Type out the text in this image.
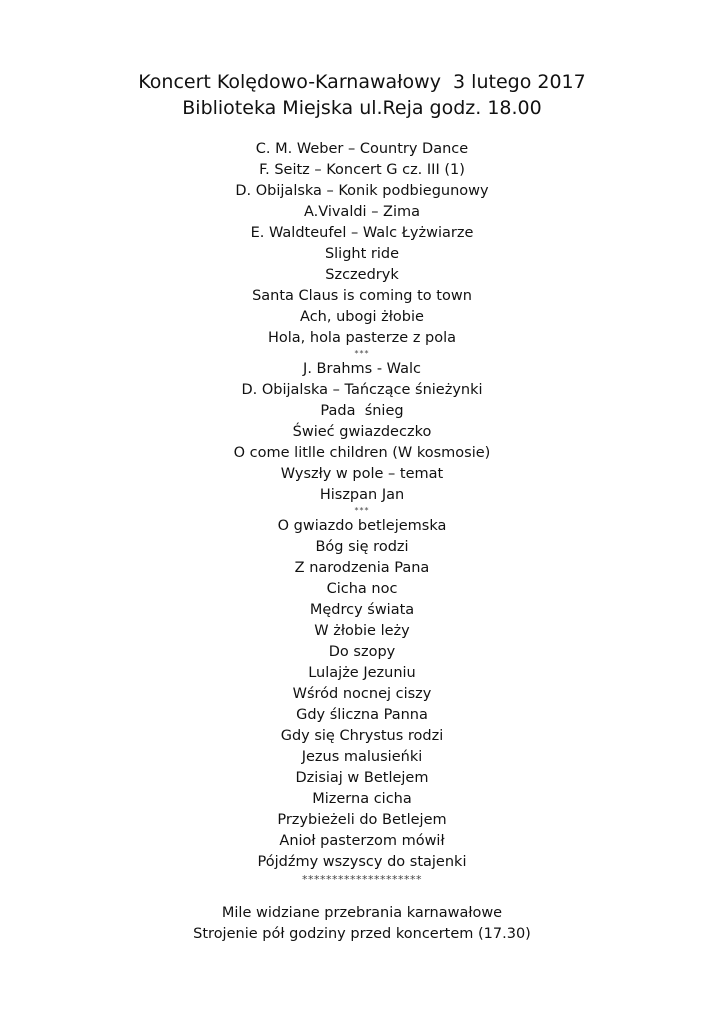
Koncert Kolędowo-Karnawałowy  3 lutego 2017
Biblioteka Miejska ul.Reja godz. 18.00
C. M. Weber – Country Dance
F. Seitz – Koncert G cz. III (1)
D. Obijalska – Konik podbiegunowy
A.Vivaldi – Zima
E. Waldteufel – Walc Łyżwiarze
Slight ride
Szczedryk
Santa Claus is coming to town
Ach, ubogi żłobie
Hola, hola pasterze z pola
***
J. Brahms - Walc
D. Obijalska – Tańczące śnieżynki
Pada  śnieg
Świeć gwiazdeczko
O come litlle children (W kosmosie)
Wyszły w pole – temat
Hiszpan Jan
***
O gwiazdo betlejemska
Bóg się rodzi
Z narodzenia Pana
Cicha noc
Mędrcy świata
W żłobie leży
Do szopy
Lulajże Jezuniu
Wśród nocnej ciszy
Gdy śliczna Panna
Gdy się Chrystus rodzi
Jezus malusieńki
Dzisiaj w Betlejem
Mizerna cicha
Przybieżeli do Betlejem
Anioł pasterzom mówił
Pójdźmy wszyscy do stajenki
********************
Mile widziane przebrania karnawałowe
Strojenie pół godziny przed koncertem (17.30)
